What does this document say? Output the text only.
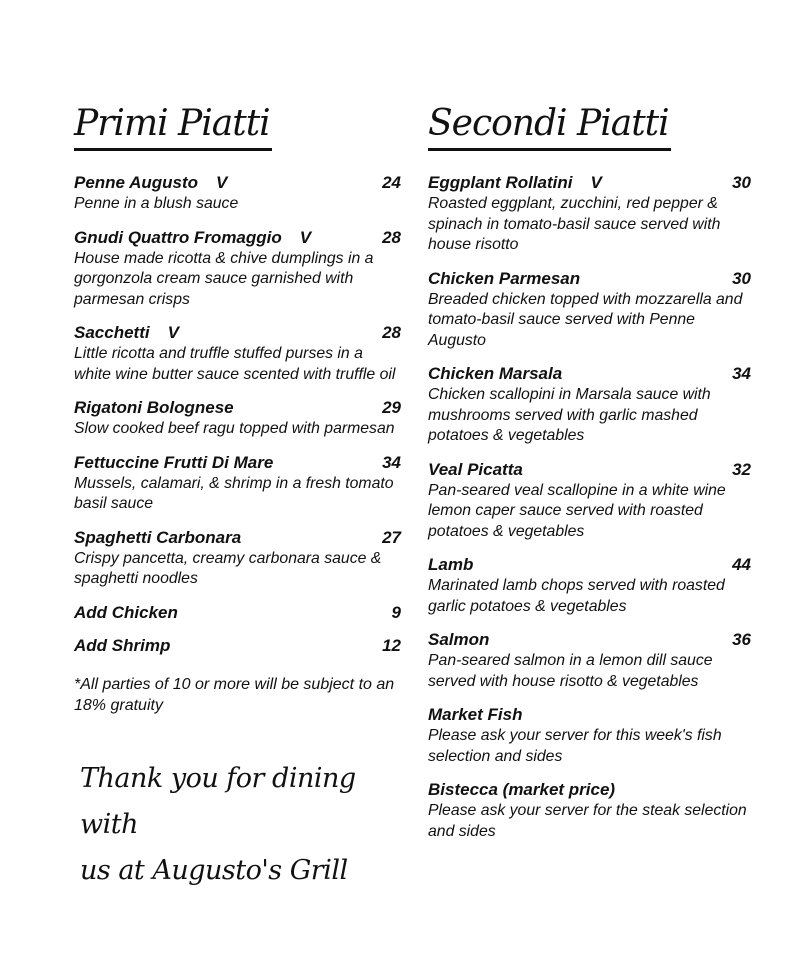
Primi Piatti
Penne Augusto V	24
Penne in a blush sauce
Gnudi Quattro Fromaggio V	28
House made ricotta & chive dumplings in a gorgonzola cream sauce garnished with parmesan crisps
Sacchetti V	28
Little ricotta and truffle stuffed purses in a white wine butter sauce scented with truffle oil
Rigatoni Bolognese	29
Slow cooked beef ragu topped with parmesan
Fettuccine Frutti Di Mare	34
Mussels, calamari, & shrimp in a fresh tomato basil sauce
Spaghetti Carbonara	27
Crispy pancetta, creamy carbonara sauce & spaghetti noodles
Add Chicken	9
Add Shrimp	12
*All parties of 10 or more will be subject to an 18% gratuity
Thank you for dining with
us at Augusto's Grill
Secondi Piatti
Eggplant Rollatini V	30
Roasted eggplant, zucchini, red pepper & spinach in tomato-basil sauce served with house risotto
Chicken Parmesan	30
Breaded chicken topped with mozzarella and tomato-basil sauce served with Penne Augusto
Chicken Marsala	34
Chicken scallopini in Marsala sauce with mushrooms served with garlic mashed potatoes & vegetables
Veal Picatta	32
Pan-seared veal scallopine in a white wine lemon caper sauce served with roasted potatoes & vegetables
Lamb	44
Marinated lamb chops served with roasted garlic potatoes & vegetables
Salmon	36
Pan-seared salmon in a lemon dill sauce served with house risotto & vegetables
Market Fish
Please ask your server for this week's fish selection and sides
Bistecca (market price)
Please ask your server for the steak selection and sides
